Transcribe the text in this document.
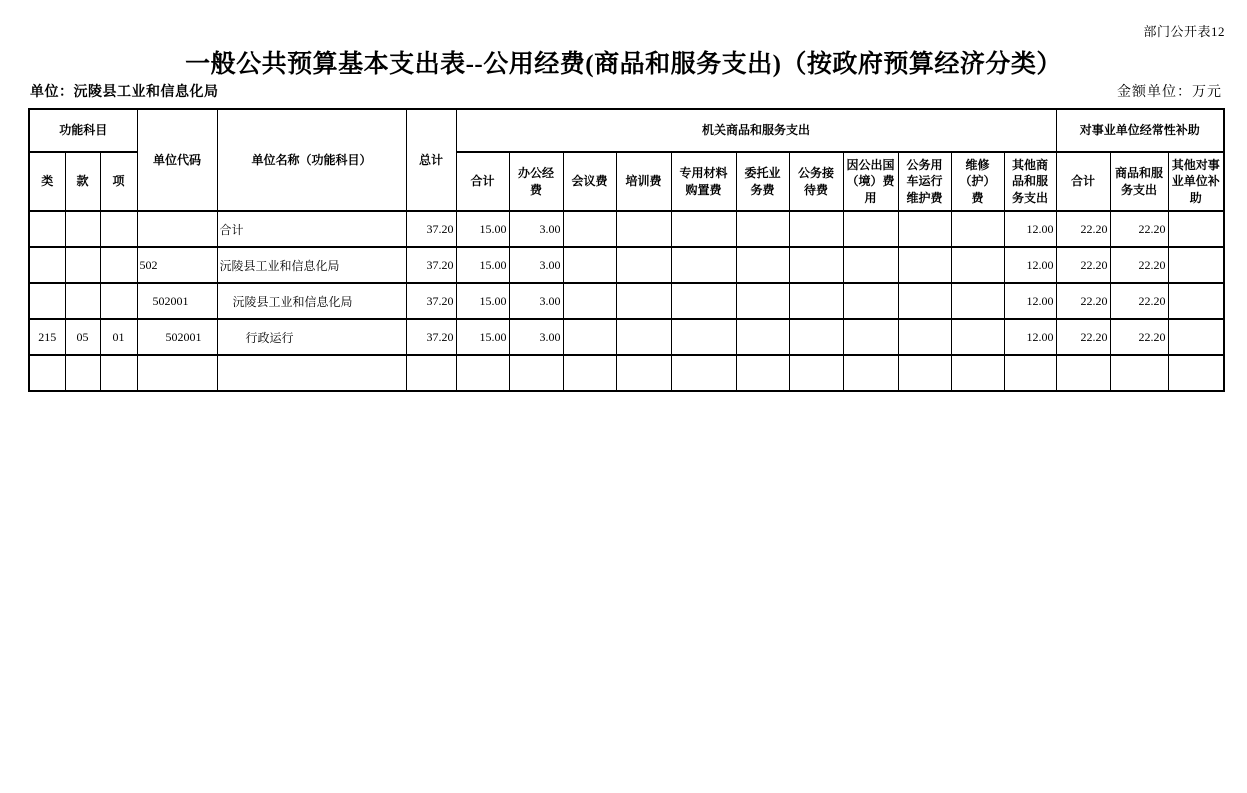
部门公开表12
一般公共预算基本支出表--公用经费(商品和服务支出)（按政府预算经济分类）
单位：沅陵县工业和信息化局	金额单位：万元
功能科目			单位代码	单位名称（功能科目）	总计	机关商品和服务支出											对事业单位经常性补助		
类	款	项				合计	办公经费	会议费	培训费	专用材料购置费	委托业务费	公务接待费	因公出国（境）费用	公务用车运行维护费	维修（护）费	其他商品和服务支出	合计	商品和服务支出	其他对事业单位补助
				合计	37.20	15.00	3.00									12.00	22.20	22.20	
			502	沅陵县工业和信息化局	37.20	15.00	3.00									12.00	22.20	22.20	
			502001	沅陵县工业和信息化局	37.20	15.00	3.00									12.00	22.20	22.20	
215	05	01	502001	行政运行	37.20	15.00	3.00									12.00	22.20	22.20	
